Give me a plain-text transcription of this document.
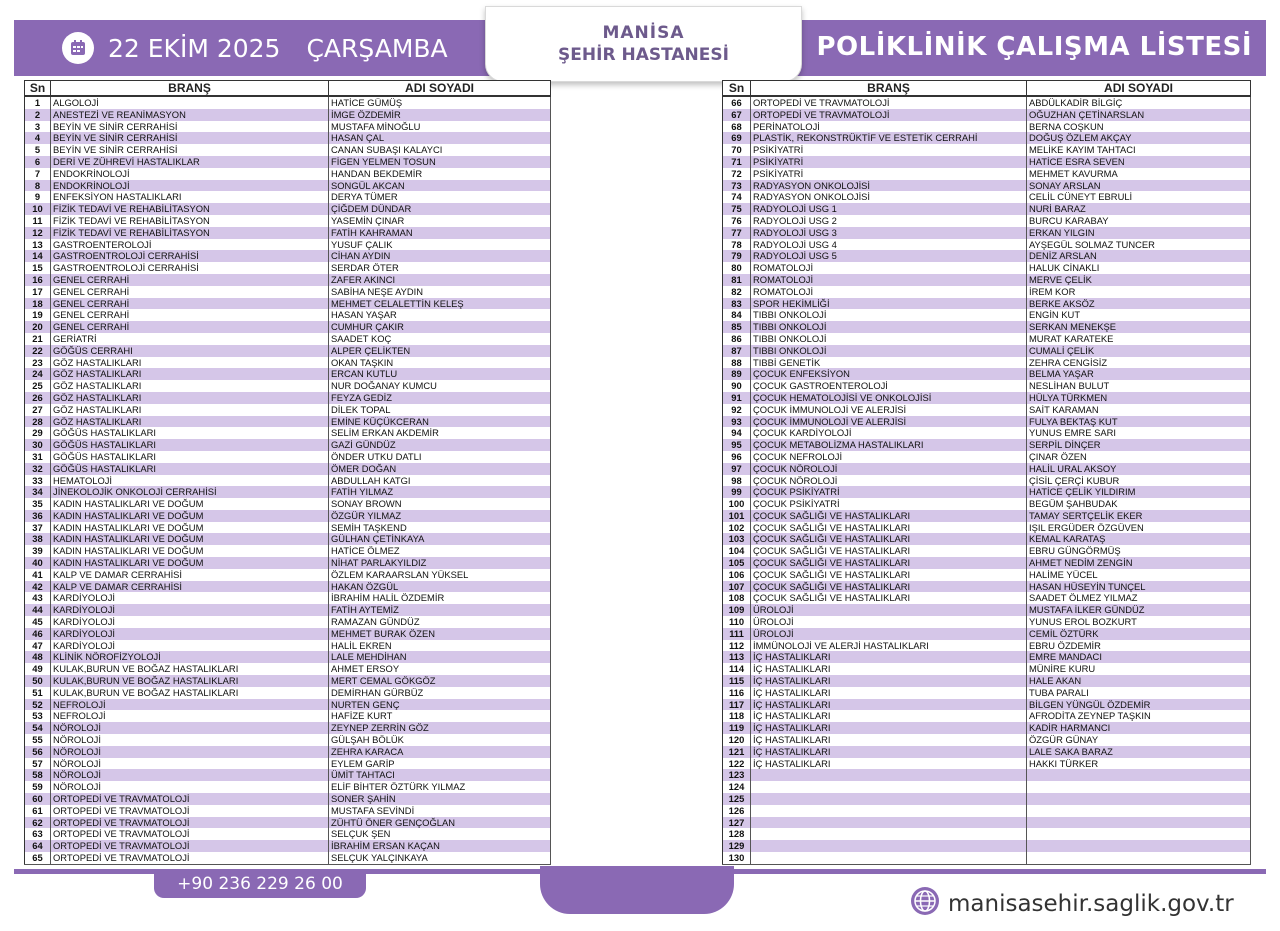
22 EKİM 2025 ÇARŞAMBA	POLİKLİNİK ÇALIŞMA LİSTESİ
MANİSA
ŞEHİR HASTANESİ
Sn	BRANŞ	ADI SOYADI
1	ALGOLOJİ	HATİCE GÜMÜŞ
2	ANESTEZİ VE REANİMASYON	İMGE ÖZDEMİR
3	BEYİN VE SİNİR CERRAHİSİ	MUSTAFA MİNOĞLU
4	BEYİN VE SİNİR CERRAHİSİ	HASAN ÇAL
5	BEYİN VE SİNİR CERRAHİSİ	CANAN SUBAŞI KALAYCI
6	DERİ VE ZÜHREVİ HASTALIKLAR	FİGEN YELMEN TOSUN
7	ENDOKRİNOLOJİ	HANDAN BEKDEMİR
8	ENDOKRİNOLOJİ	SONGÜL AKCAN
9	ENFEKSİYON HASTALIKLARI	DERYA TÜMER
10	FİZİK TEDAVİ VE REHABİLİTASYON	ÇİĞDEM DÜNDAR
11	FİZİK TEDAVİ VE REHABİLİTASYON	YASEMİN ÇINAR
12	FİZİK TEDAVİ VE REHABİLİTASYON	FATİH KAHRAMAN
13	GASTROENTEROLOJİ	YUSUF ÇALIK
14	GASTROENTROLOJİ CERRAHİSİ	CİHAN AYDIN
15	GASTROENTROLOJİ CERRAHİSİ	SERDAR ÖTER
16	GENEL CERRAHİ	ZAFER AKINCI
17	GENEL CERRAHİ	SABİHA NEŞE AYDIN
18	GENEL CERRAHİ	MEHMET CELALETTİN KELEŞ
19	GENEL CERRAHİ	HASAN YAŞAR
20	GENEL CERRAHİ	CUMHUR ÇAKIR
21	GERİATRİ	SAADET KOÇ
22	GÖĞÜS CERRAHI	ALPER ÇELİKTEN
23	GÖZ HASTALIKLARI	OKAN TAŞKIN
24	GÖZ HASTALIKLARI	ERCAN KUTLU
25	GÖZ HASTALIKLARI	NUR DOĞANAY KUMCU
26	GÖZ HASTALIKLARI	FEYZA GEDİZ
27	GÖZ HASTALIKLARI	DİLEK TOPAL
28	GÖZ HASTALIKLARI	EMİNE KÜÇÜKCERAN
29	GÖĞÜS HASTALIKLARI	SELİM ERKAN AKDEMİR
30	GÖĞÜS HASTALIKLARI	GAZİ GÜNDÜZ
31	GÖĞÜS HASTALIKLARI	ÖNDER UTKU DATLI
32	GÖĞÜS HASTALIKLARI	ÖMER DOĞAN
33	HEMATOLOJİ	ABDULLAH KATGI
34	JİNEKOLOJİK ONKOLOJİ CERRAHİSİ	FATİH YILMAZ
35	KADIN HASTALIKLARI VE DOĞUM	SONAY BROWN
36	KADIN HASTALIKLARI VE DOĞUM	ÖZGÜR YILMAZ
37	KADIN HASTALIKLARI VE DOĞUM	SEMİH TAŞKEND
38	KADIN HASTALIKLARI VE DOĞUM	GÜLHAN ÇETİNKAYA
39	KADIN HASTALIKLARI VE DOĞUM	HATİCE ÖLMEZ
40	KADIN HASTALIKLARI VE DOĞUM	NİHAT PARLAKYILDIZ
41	KALP VE DAMAR CERRAHİSİ	ÖZLEM KARAARSLAN YÜKSEL
42	KALP VE DAMAR CERRAHİSİ	HAKAN ÖZGÜL
43	KARDİYOLOJİ	İBRAHİM HALİL ÖZDEMİR
44	KARDİYOLOJİ	FATİH AYTEMİZ
45	KARDİYOLOJİ	RAMAZAN GÜNDÜZ
46	KARDİYOLOJİ	MEHMET BURAK ÖZEN
47	KARDİYOLOJİ	HALİL EKREN
48	KLİNİK NÖROFİZYOLOJİ	LALE MEHDİHAN
49	KULAK,BURUN VE BOĞAZ HASTALIKLARI	AHMET ERSOY
50	KULAK,BURUN VE BOĞAZ HASTALIKLARI	MERT CEMAL GÖKGÖZ
51	KULAK,BURUN VE BOĞAZ HASTALIKLARI	DEMİRHAN GÜRBÜZ
52	NEFROLOJİ	NURTEN GENÇ
53	NEFROLOJİ	HAFİZE KURT
54	NÖROLOJİ	ZEYNEP ZERRİN GÖZ
55	NÖROLOJİ	GÜLŞAH BÖLÜK
56	NÖROLOJİ	ZEHRA KARACA
57	NÖROLOJİ	EYLEM GARİP
58	NÖROLOJİ	ÜMİT TAHTACI
59	NÖROLOJİ	ELİF BİHTER ÖZTÜRK YILMAZ
60	ORTOPEDİ VE TRAVMATOLOJİ	SONER ŞAHİN
61	ORTOPEDİ VE TRAVMATOLOJİ	MUSTAFA SEVİNDİ
62	ORTOPEDİ VE TRAVMATOLOJİ	ZÜHTÜ ÖNER GENÇOĞLAN
63	ORTOPEDİ VE TRAVMATOLOJİ	SELÇUK ŞEN
64	ORTOPEDİ VE TRAVMATOLOJİ	İBRAHİM ERSAN KAÇAN
65	ORTOPEDİ VE TRAVMATOLOJİ	SELÇUK YALÇINKAYA
Sn	BRANŞ	ADI SOYADI
66	ORTOPEDİ VE TRAVMATOLOJİ	ABDÜLKADİR BİLGİÇ
67	ORTOPEDİ VE TRAVMATOLOJİ	OĞUZHAN ÇETİNARSLAN
68	PERİNATOLOJİ	BERNA COŞKUN
69	PLASTİK, REKONSTRÜKTİF VE ESTETİK CERRAHİ	DOĞUŞ ÖZLEM AKÇAY
70	PSİKİYATRİ	MELİKE KAYIM TAHTACI
71	PSİKİYATRİ	HATİCE ESRA SEVEN
72	PSİKİYATRİ	MEHMET KAVURMA
73	RADYASYON ONKOLOJİSİ	SONAY ARSLAN
74	RADYASYON ONKOLOJİSİ	CELİL CÜNEYT EBRULİ
75	RADYOLOJİ USG 1	NURİ BARAZ
76	RADYOLOJİ USG 2	BURCU KARABAY
77	RADYOLOJİ USG 3	ERKAN YILGIN
78	RADYOLOJİ USG 4	AYŞEGÜL SOLMAZ TUNCER
79	RADYOLOJİ USG 5	DENİZ ARSLAN
80	ROMATOLOJİ	HALUK CİNAKLI
81	ROMATOLOJİ	MERVE ÇELİK
82	ROMATOLOJİ	İREM KOR
83	SPOR HEKİMLİĞİ	BERKE AKSÖZ
84	TIBBI ONKOLOJİ	ENGİN KUT
85	TIBBI ONKOLOJİ	SERKAN MENEKŞE
86	TIBBI ONKOLOJİ	MURAT KARATEKE
87	TIBBI ONKOLOJİ	CUMALİ ÇELİK
88	TIBBİ GENETİK	ZEHRA CENGİSİZ
89	ÇOCUK ENFEKSİYON	BELMA YAŞAR
90	ÇOCUK GASTROENTEROLOJİ	NESLİHAN BULUT
91	ÇOCUK HEMATOLOJİSİ VE ONKOLOJİSİ	HÜLYA TÜRKMEN
92	ÇOCUK İMMUNOLOJİ VE ALERJİSİ	SAİT KARAMAN
93	ÇOCUK İMMUNOLOJİ VE ALERJİSİ	FULYA BEKTAŞ KUT
94	ÇOCUK KARDİYOLOJİ	YUNUS EMRE SARI
95	ÇOCUK METABOLİZMA HASTALIKLARI	SERPİL DİNÇER
96	ÇOCUK NEFROLOJİ	ÇINAR ÖZEN
97	ÇOCUK NÖROLOJİ	HALİL URAL AKSOY
98	ÇOCUK NÖROLOJİ	ÇİSİL ÇERÇİ KUBUR
99	ÇOCUK PSİKİYATRİ	HATİCE ÇELİK YILDIRIM
100	ÇOCUK PSİKİYATRİ	BEGÜM ŞAHBUDAK
101	ÇOCUK SAĞLIĞI VE HASTALIKLARI	TAMAY SERTÇELİK EKER
102	ÇOCUK SAĞLIĞI VE HASTALIKLARI	IŞIL ERGÜDER ÖZGÜVEN
103	ÇOCUK SAĞLIĞI VE HASTALIKLARI	KEMAL KARATAŞ
104	ÇOCUK SAĞLIĞI VE HASTALIKLARI	EBRU GÜNGÖRMÜŞ
105	ÇOCUK SAĞLIĞI VE HASTALIKLARI	AHMET NEDİM ZENGİN
106	ÇOCUK SAĞLIĞI VE HASTALIKLARI	HALİME YÜCEL
107	ÇOCUK SAĞLIĞI VE HASTALIKLARI	HASAN HÜSEYİN TUNÇEL
108	ÇOCUK SAĞLIĞI VE HASTALIKLARI	SAADET ÖLMEZ YILMAZ
109	ÜROLOJİ	MUSTAFA İLKER GÜNDÜZ
110	ÜROLOJİ	YUNUS EROL BOZKURT
111	ÜROLOJİ	CEMİL ÖZTÜRK
112	İMMÜNOLOJİ VE ALERJİ HASTALIKLARI	EBRU ÖZDEMİR
113	İÇ HASTALIKLARI	EMRE MANDACI
114	İÇ HASTALIKLARI	MÜNİRE KURU
115	İÇ HASTALIKLARI	HALE AKAN
116	İÇ HASTALIKLARI	TUBA PARALI
117	İÇ HASTALIKLARI	BİLGEN YÜNGÜL ÖZDEMİR
118	İÇ HASTALIKLARI	AFRODİTA ZEYNEP TAŞKIN
119	İÇ HASTALIKLARI	KADİR HARMANCI
120	İÇ HASTALIKLARI	ÖZGÜR GÜNAY
121	İÇ HASTALIKLARI	LALE SAKA BARAZ
122	İÇ HASTALIKLARI	HAKKI TÜRKER
123		
124		
125		
126		
127		
128		
129		
130		
+90 236 229 26 00
manisasehir.saglik.gov.tr
